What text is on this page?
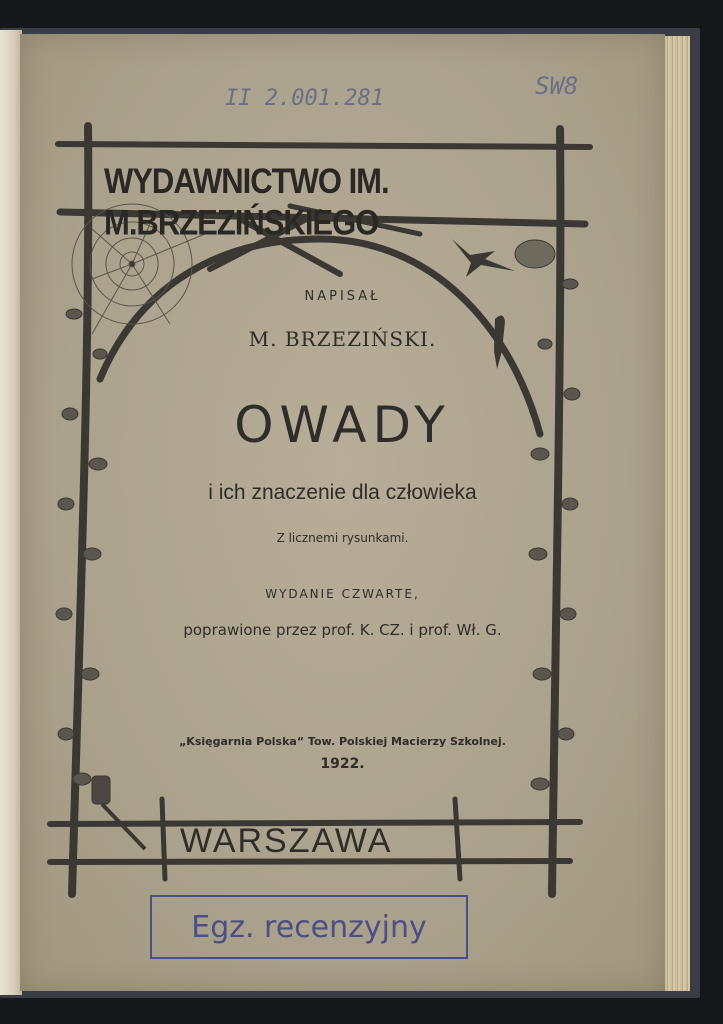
II 2.001.281	SW8
WYDAWNICTWO IM. M.BRZEZIŃSKIEGO
NAPISAŁ
M. BRZEZIŃSKI.
OWADY
i ich znaczenie dla człowieka
Z licznemi rysunkami.
WYDANIE CZWARTE,
poprawione przez prof. K. CZ. i prof. Wł. G.
„Księgarnia Polska“ Tow. Polskiej Macierzy Szkolnej.
1922.
WARSZAWA
Egz. recenzyjny
